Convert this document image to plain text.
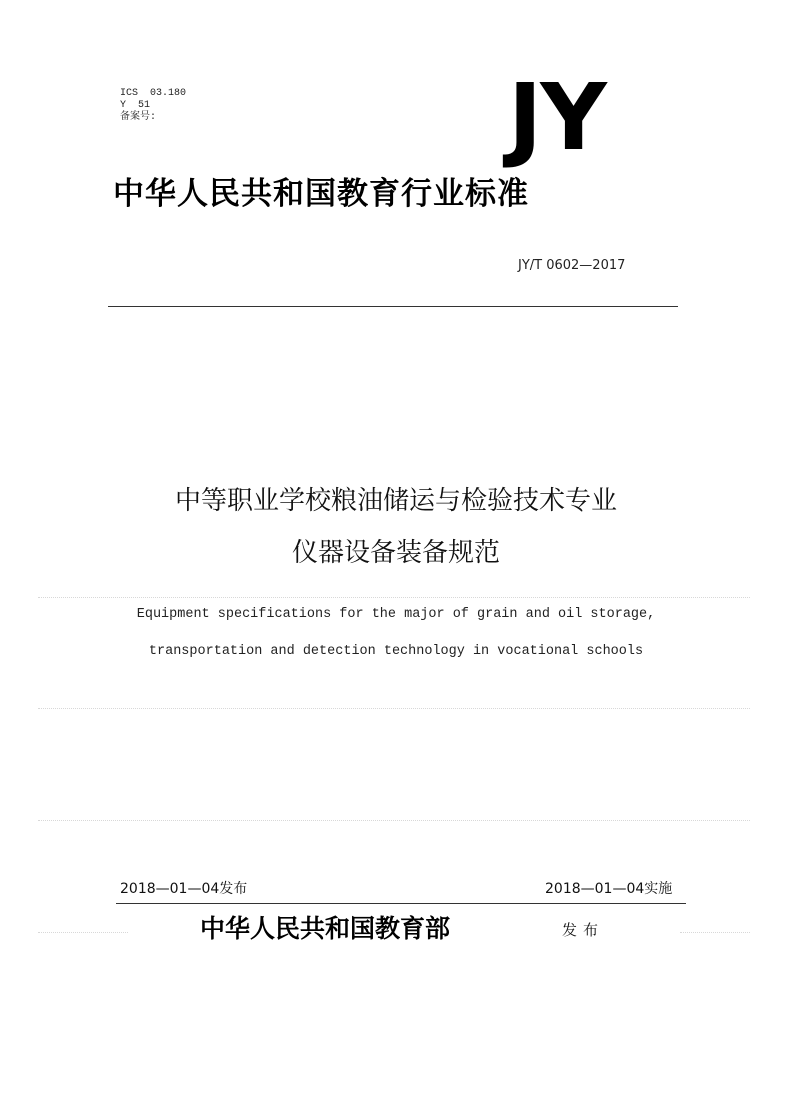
ICS  03.180
Y  51
备案号:	JY
中华人民共和国教育行业标准
JY/T 0602—2017
中等职业学校粮油储运与检验技术专业
仪器设备装备规范
Equipment specifications for the major of grain and oil storage,
transportation and detection technology in vocational schools
2018—01—04发布	2018—01—04实施
中华人民共和国教育部	发布
